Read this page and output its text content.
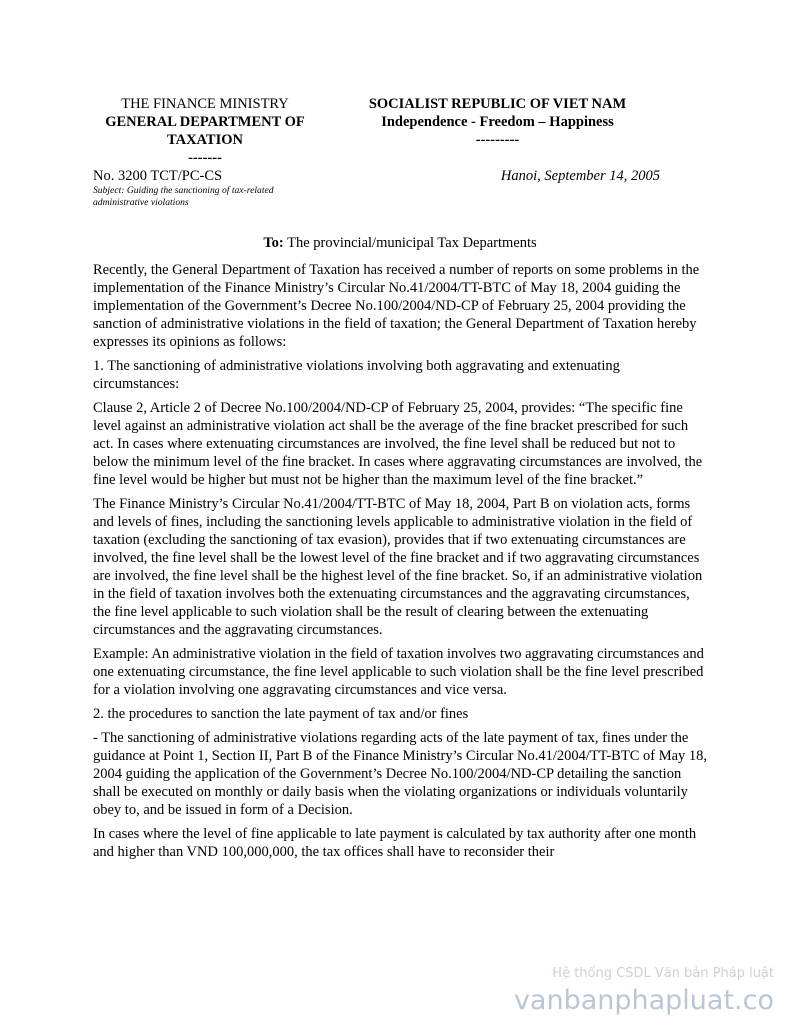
THE FINANCE MINISTRY
GENERAL DEPARTMENT OF
TAXATION
-------
SOCIALIST REPUBLIC OF VIET NAM
Independence - Freedom – Happiness
---------
No. 3200 TCT/PC-CS
Subject: Guiding the sanctioning of tax-related administrative violations
Hanoi, September 14, 2005
To: The provincial/municipal Tax Departments

Recently, the General Department of Taxation has received a number of reports on some problems in the implementation of the Finance Ministry’s Circular No.41/2004/TT-BTC of May 18, 2004 guiding the implementation of the Government’s Decree No.100/2004/ND-CP of February 25, 2004 providing the sanction of administrative violations in the field of taxation; the General Department of Taxation hereby expresses its opinions as follows:

1. The sanctioning of administrative violations involving both aggravating and extenuating circumstances:

Clause 2, Article 2 of Decree No.100/2004/ND-CP of February 25, 2004, provides: “The specific fine level against an administrative violation act shall be the average of the fine bracket prescribed for such act. In cases where extenuating circumstances are involved, the fine level shall be reduced but not to below the minimum level of the fine bracket. In cases where aggravating circumstances are involved, the fine level would be higher but must not be higher than the maximum level of the fine bracket.”

The Finance Ministry’s Circular No.41/2004/TT-BTC of May 18, 2004, Part B on violation acts, forms and levels of fines, including the sanctioning levels applicable to administrative violation in the field of taxation (excluding the sanctioning of tax evasion), provides that if two extenuating circumstances are involved, the fine level shall be the lowest level of the fine bracket and if two aggravating circumstances are involved, the fine level shall be the highest level of the fine bracket. So, if an administrative violation in the field of taxation involves both the extenuating circumstances and the aggravating circumstances, the fine level applicable to such violation shall be the result of clearing between the extenuating circumstances and the aggravating circumstances.

Example: An administrative violation in the field of taxation involves two aggravating circumstances and one extenuating circumstance, the fine level applicable to such violation shall be the fine level prescribed for a violation involving one aggravating circumstances and vice versa.

2. the procedures to sanction the late payment of tax and/or fines

- The sanctioning of administrative violations regarding acts of the late payment of tax, fines under the guidance at Point 1, Section II, Part B of the Finance Ministry’s Circular No.41/2004/TT-BTC of May 18, 2004 guiding the application of the Government’s Decree No.100/2004/ND-CP detailing the sanction shall be executed on monthly or daily basis when the violating organizations or individuals voluntarily obey to, and be issued in form of a Decision.

In cases where the level of fine applicable to late payment is calculated by tax authority after one month and higher than VND 100,000,000, the tax offices shall have to reconsider their

Hệ thống CSDL Văn bản Pháp luật
vanbanphapluat.co
